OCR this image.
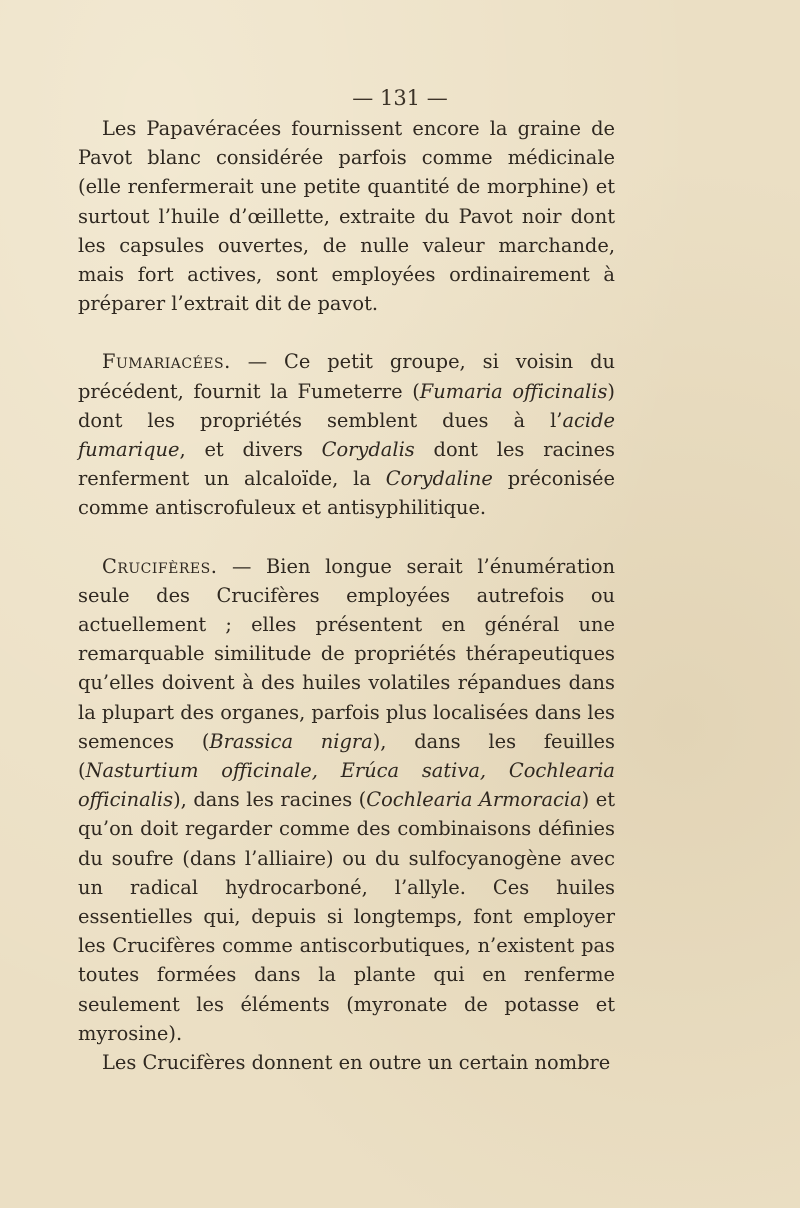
— 131 —

Les Papavéracées fournissent encore la graine de Pavot blanc considérée parfois comme médicinale (elle renfermerait une petite quantité de morphine) et surtout l’huile d’œillette, extraite du Pavot noir dont les capsules ouvertes, de nulle valeur marchande, mais fort actives, sont employées ordinairement à préparer l’extrait dit de pavot.

Fumariacées. — Ce petit groupe, si voisin du précédent, fournit la Fumeterre (Fumaria officinalis) dont les propriétés semblent dues à l’acide fumarique, et divers Corydalis dont les racines renferment un alcaloïde, la Corydaline préconisée comme antiscrofuleux et antisyphilitique.

Crucifères. — Bien longue serait l’énumération seule des Crucifères employées autrefois ou actuellement ; elles présentent en général une remarquable similitude de propriétés thérapeutiques qu’elles doivent à des huiles volatiles répandues dans la plupart des organes, parfois plus localisées dans les semences (Brassica nigra), dans les feuilles (Nasturtium officinale, Erúca sativa, Cochlearia officinalis), dans les racines (Cochlearia Armoracia) et qu’on doit regarder comme des combinaisons définies du soufre (dans l’alliaire) ou du sulfocyanogène avec un radical hydrocarboné, l’allyle. Ces huiles essentielles qui, depuis si longtemps, font employer les Crucifères comme antiscorbutiques, n’existent pas toutes formées dans la plante qui en renferme seulement les éléments (myronate de potasse et myrosine).

Les Crucifères donnent en outre un certain nombre
